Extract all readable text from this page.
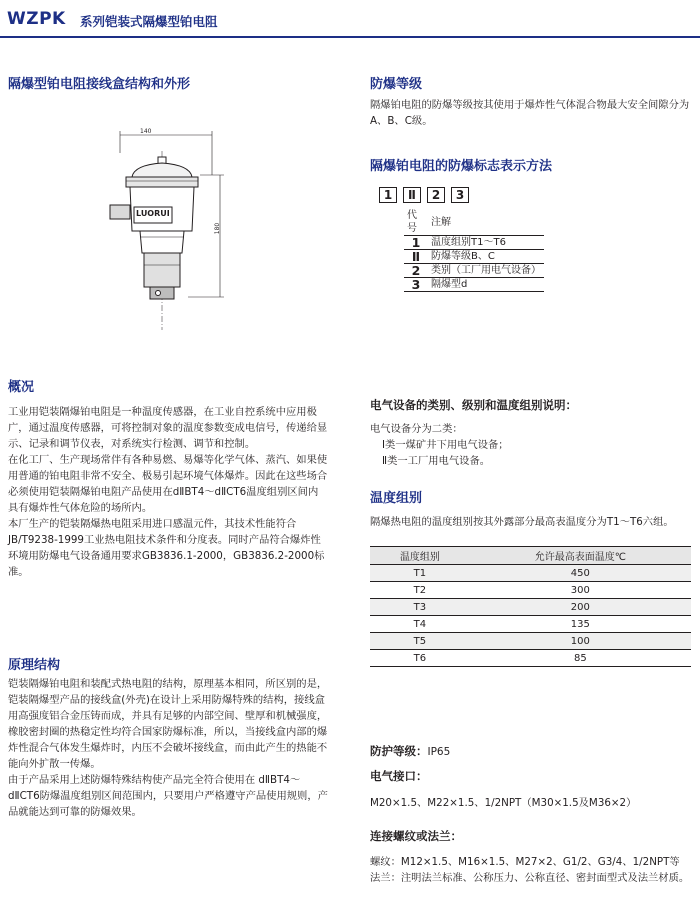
WZPK 系列铠装式隔爆型铂电阻
隔爆型铂电阻接线盒结构和外形
140
180
LUORUI
概况

工业用铠装隔爆铂电阻是一种温度传感器，在工业自控系统中应用极广，通过温度传感器，可将控制对象的温度参数变成电信号，传递给显示、记录和调节仪表，对系统实行检测、调节和控制。

在化工厂、生产现场常伴有各种易燃、易爆等化学气体、蒸汽、如果使用普通的铂电阻非常不安全、极易引起环境气体爆炸。因此在这些场合必须使用铠装隔爆铂电阻产品使用在dⅡBT4～dⅡCT6温度组别区间内具有爆炸性气体危险的场所内。

本厂生产的铠装隔爆热电阻采用进口感温元件，其技术性能符合JB/T9238-1999工业热电阻技术条件和分度表。同时产品符合爆炸性环境用防爆电气设备通用要求GB3836.1-2000，GB3836.2-2000标准。

原理结构

铠装隔爆铂电阻和装配式热电阻的结构，原理基本相同，所区别的是，铠装隔爆型产品的接线盒(外壳)在设计上采用防爆特殊的结构，接线盒用高强度铝合金压铸而成，并具有足够的内部空间、壁厚和机械强度，橡胶密封圈的热稳定性均符合国家防爆标准，所以，当接线盒内部的爆炸性混合气体发生爆炸时，内压不会破坏接线盒，而由此产生的热能不能向外扩散一传爆。

由于产品采用上述防爆特殊结构使产品完全符合使用在 dⅡBT4～dⅡCT6防爆温度组别区间范围内，只要用户严格遵守产品使用规则，产品就能达到可靠的防爆效果。

防爆等级
隔爆铂电阻的防爆等级按其使用于爆炸性气体混合物最大安全间隙分为A、B、C级。
隔爆铂电阻的防爆标志表示方法
1	Ⅱ	2	3
代号	注解
1	温度组别T1～T6
Ⅱ	防爆等级B、C
2	类别（工厂用电气设备）
3	隔爆型d
电气设备的类别、级别和温度组别说明：
电气设备分为二类：
Ⅰ类一煤矿井下用电气设备；
Ⅱ类一工厂用电气设备。
温度组别
隔爆热电阻的温度组别按其外露部分最高表温度分为T1～T6六组。
温度组别	允许最高表面温度℃
T1	450
T2	300
T3	200
T4	135
T5	100
T6	85
防护等级：IP65
电气接口：
M20×1.5、M22×1.5、1/2NPT（M30×1.5及M36×2）
连接螺纹或法兰：

螺纹：M12×1.5、M16×1.5、M27×2、G1/2、G3/4、1/2NPT等

法兰：注明法兰标准、公称压力、公称直径、密封面型式及法兰材质。
